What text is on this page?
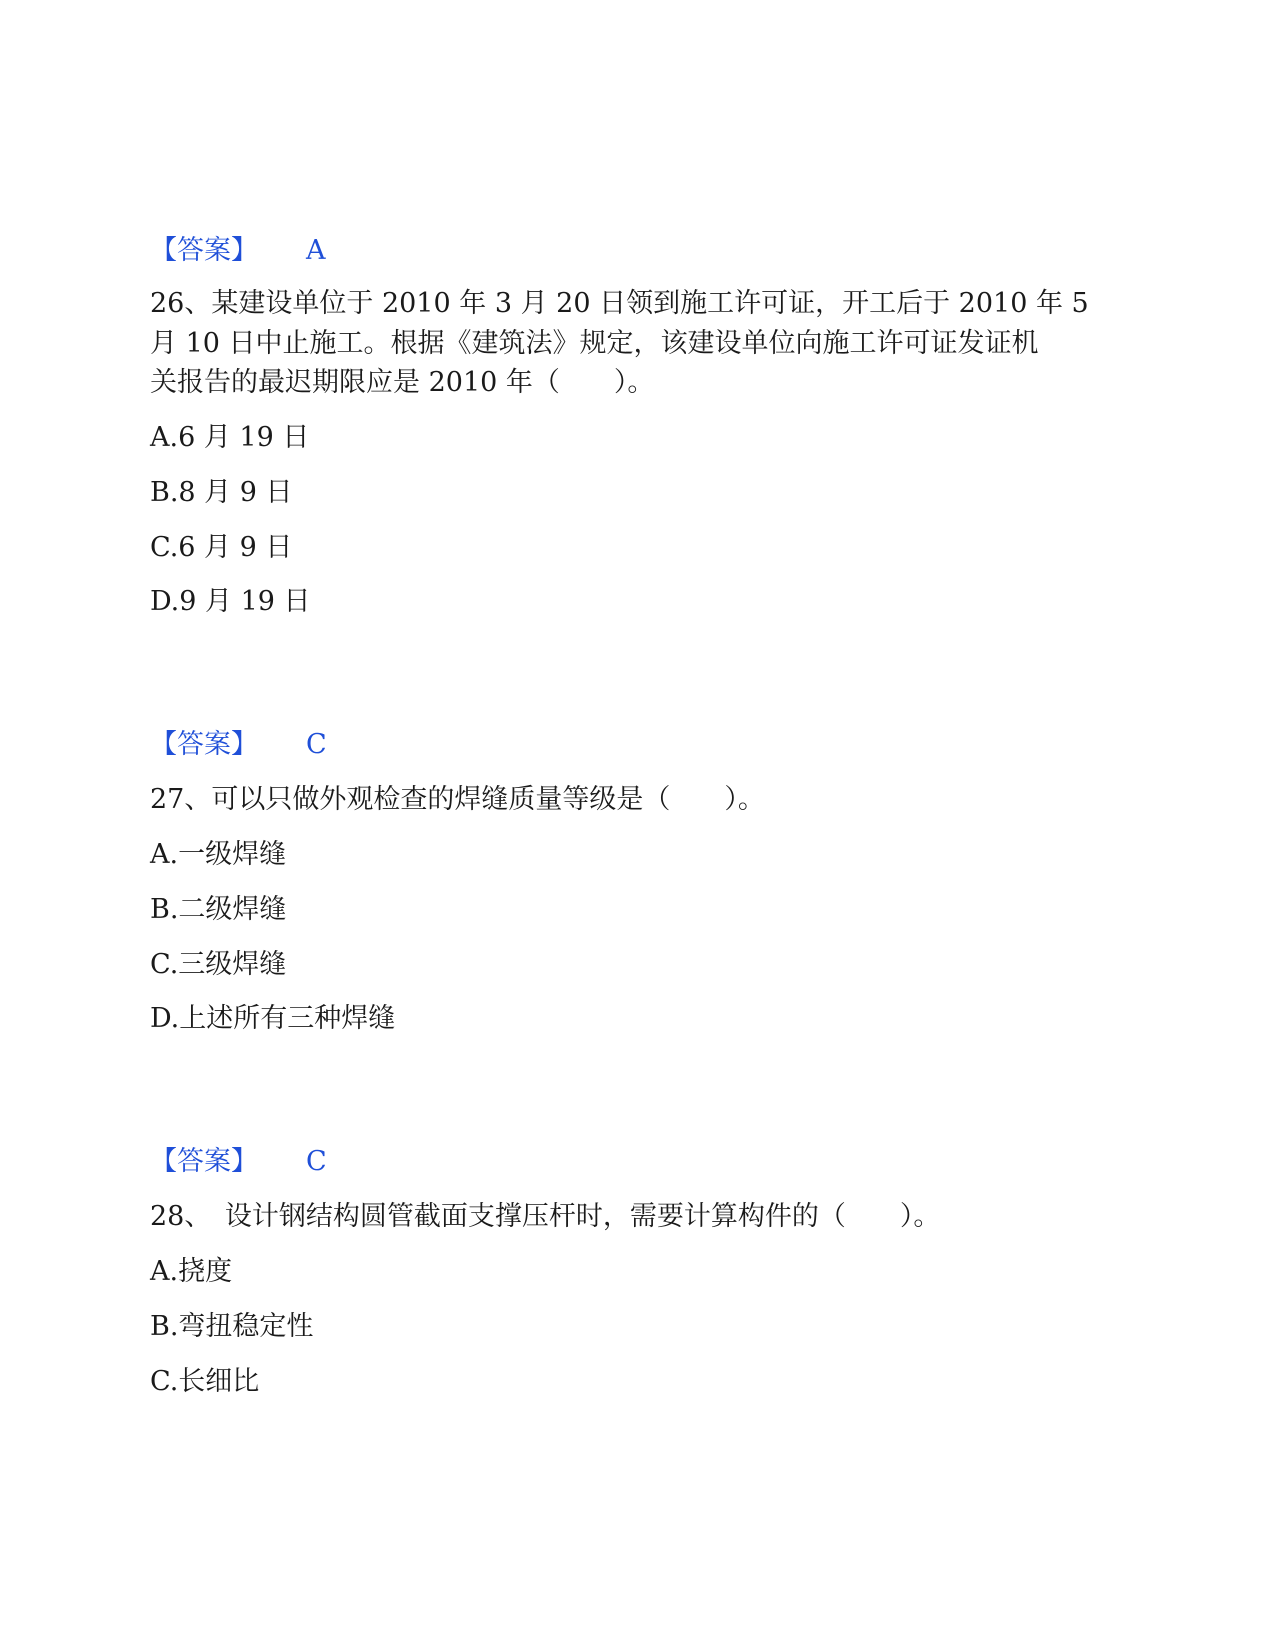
【答案】 A
26、某建设单位于 2010 年 3 月 20 日领到施工许可证，开工后于 2010 年 5
月 10 日中止施工。根据《建筑法》规定，该建设单位向施工许可证发证机
关报告的最迟期限应是 2010 年（　　）。
A.6 月 19 日
B.8 月 9 日
C.6 月 9 日
D.9 月 19 日
【答案】 C
27、可以只做外观检查的焊缝质量等级是（　　）。
A.一级焊缝
B.二级焊缝
C.三级焊缝
D.上述所有三种焊缝
【答案】 C
28、　设计钢结构圆管截面支撑压杆时，需要计算构件的（　　）。
A.挠度
B.弯扭稳定性
C.长细比
